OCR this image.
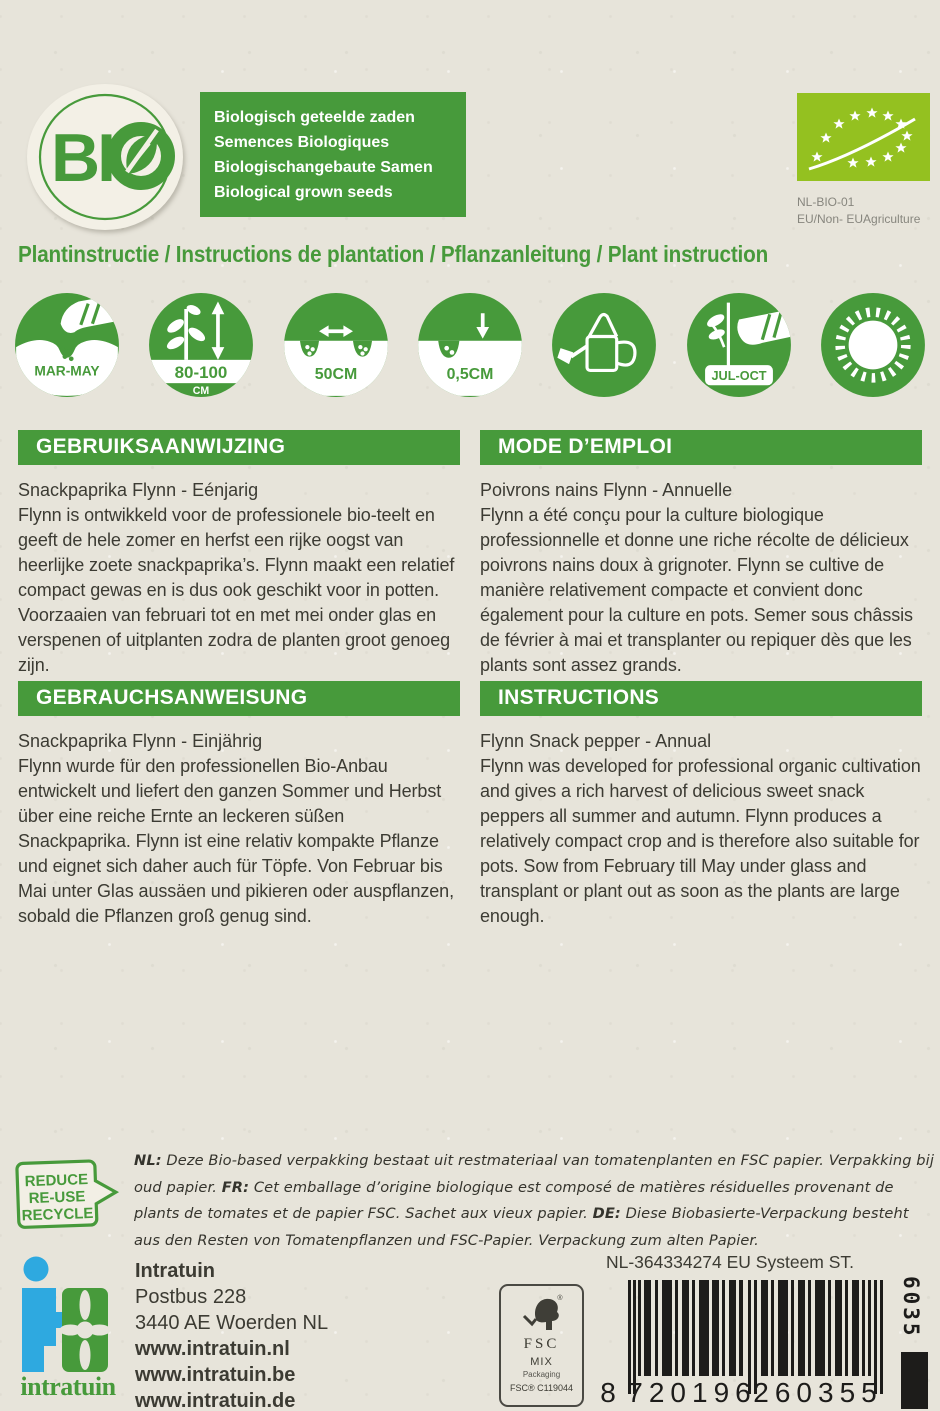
BI
Biologisch geteelde zaden
Semences Biologiques
Biologischangebaute Samen
Biological grown seeds
NL-BIO-01
EU/Non- EUAgriculture
Plantinstructie / Instructions de plantation / Pflanzanleitung / Plant instruction
MAR-MAY	80-100
CM
50CM	0,5CM	JUL-OCT
GEBRUIKSAANWIJZING
Snackpaprika Flynn - Eénjarig
Flynn is ontwikkeld voor de professionele bio-teelt en geeft de hele zomer en herfst een rijke oogst van heerlijke zoete snackpaprika’s. Flynn maakt een relatief compact gewas en is dus ook geschikt voor in potten. Voorzaaien van februari tot en met mei onder glas en verspenen of uitplanten zodra de planten groot genoeg zijn.
MODE D’EMPLOI
Poivrons nains Flynn - Annuelle
Flynn a été conçu pour la culture biologique professionnelle et donne une riche récolte de délicieux poivrons nains doux à grignoter. Flynn se cultive de manière relativement compacte et convient donc également pour la culture en pots. Semer sous châssis de février à mai et transplanter ou repiquer dès que les plants sont assez grands.
GEBRAUCHSANWEISUNG
Snackpaprika Flynn - Einjährig
Flynn wurde für den professionellen Bio-Anbau entwickelt und liefert den ganzen Sommer und Herbst über eine reiche Ernte an leckeren süßen Snackpaprika. Flynn ist eine relativ kompakte Pflanze und eignet sich daher auch für Töpfe. Von Februar bis Mai unter Glas aussäen und pikieren oder auspflanzen, sobald die Pflanzen groß genug sind.
INSTRUCTIONS
Flynn Snack pepper - Annual
Flynn was developed for professional organic cultivation and gives a rich harvest of delicious sweet snack peppers all summer and autumn. Flynn produces a relatively compact crop and is therefore also suitable for pots. Sow from February till May under glass and transplant or plant out as soon as the plants are large enough.
REDUCE
RE-USE
RECYCLE
NL: Deze Bio-based verpakking bestaat uit restmateriaal van tomatenplanten en FSC papier. Verpakking bij oud papier. FR: Cet emballage d’origine biologique est composé de matières résiduelles provenant de plants de tomates et de papier FSC. Sachet aux vieux papier. DE: Diese Biobasierte-Verpackung besteht aus den Resten von Tomatenpflanzen und FSC-Papier. Verpackung zum alten Papier.
intratuin
Intratuin
Postbus 228
3440 AE Woerden NL
www.intratuin.nl
www.intratuin.be
www.intratuin.de
NL-364334274 EU Systeem ST.
®
FSC
MIX
Packaging
FSC® C119044 8 720196
260355
6035
